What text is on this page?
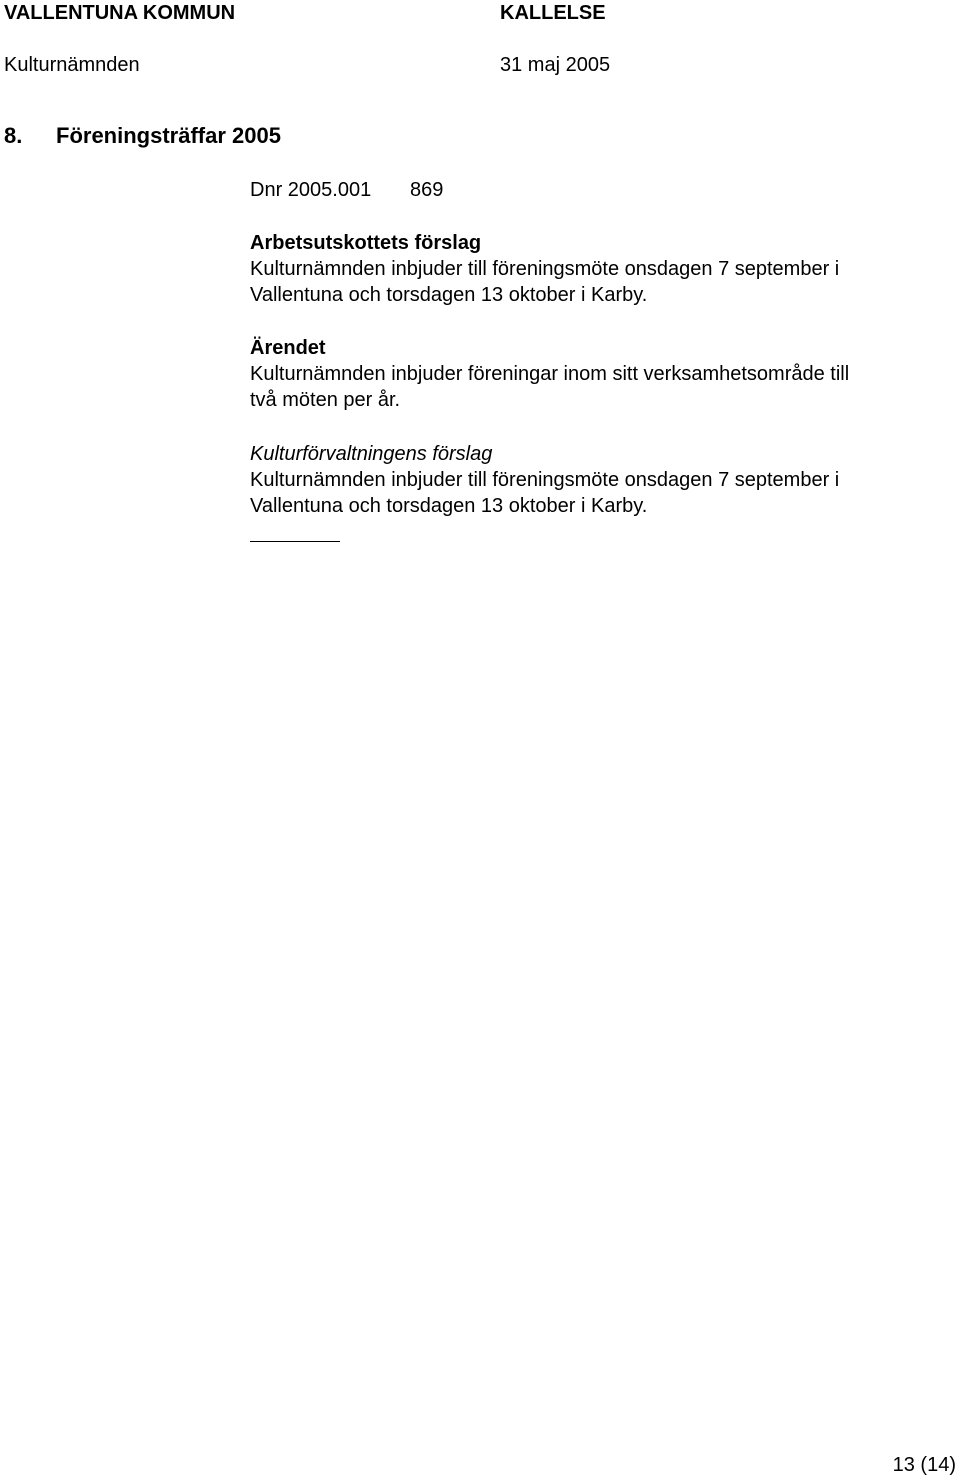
VALLENTUNA KOMMUN	KALLELSE
Kulturnämnden	31 maj 2005
8. Föreningsträffar 2005
Dnr 2005.001 869

Arbetsutskottets förslag

Kulturnämnden inbjuder till föreningsmöte onsdagen 7 september i

Vallentuna och torsdagen 13 oktober i Karby.

Ärendet

Kulturnämnden inbjuder föreningar inom sitt verksamhetsområde till

två möten per år.

Kulturförvaltningens förslag

Kulturnämnden inbjuder till föreningsmöte onsdagen 7 september i

Vallentuna och torsdagen 13 oktober i Karby.

13 (14)
